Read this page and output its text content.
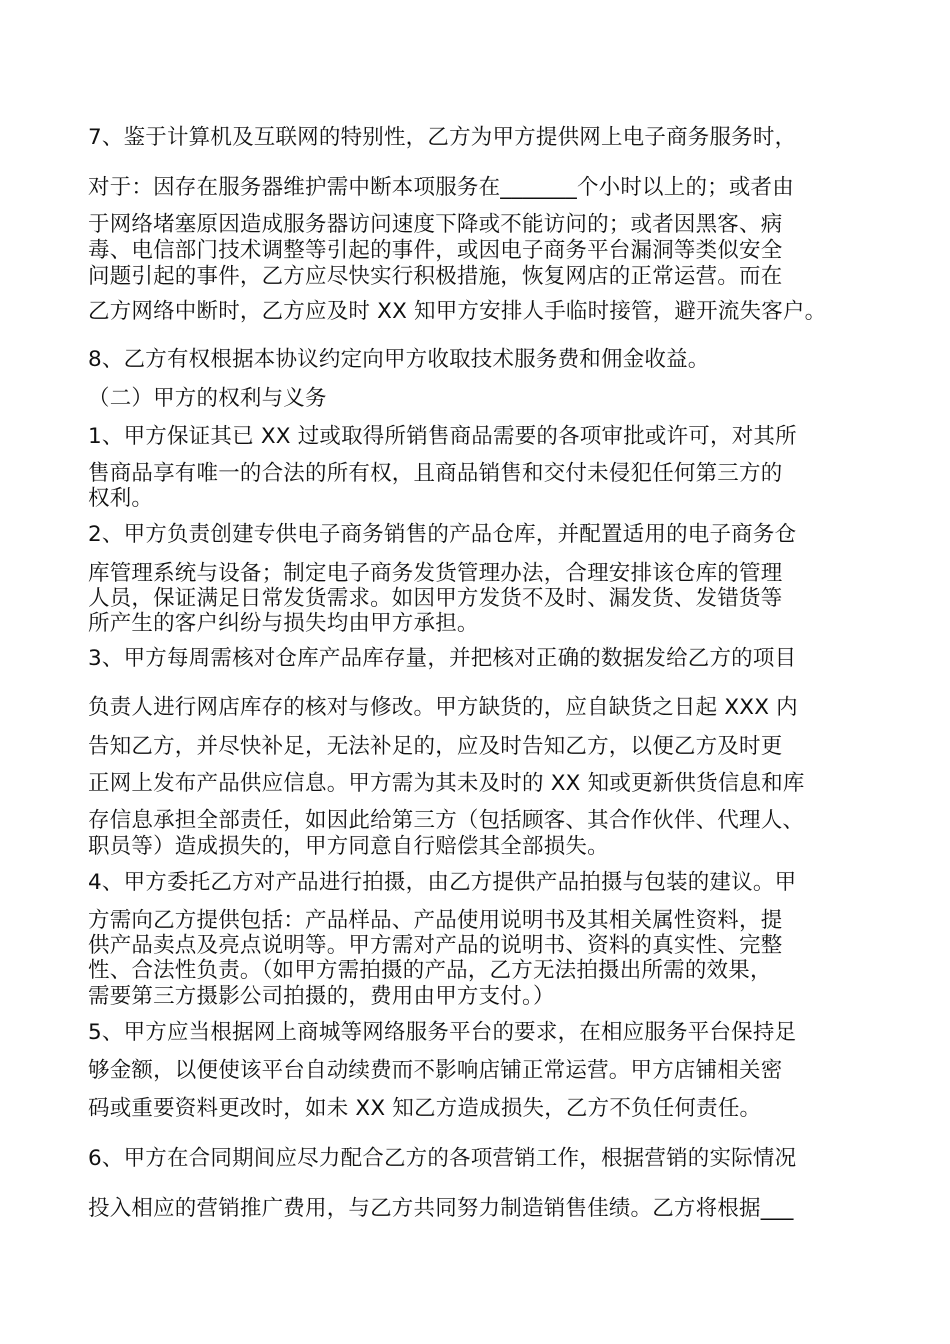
7、鉴于计算机及互联网的特别性，乙方为甲方提供网上电子商务服务时，
对于：因存在服务器维护需中断本项服务在_______个小时以上的；或者由
于网络堵塞原因造成服务器访问速度下降或不能访问的；或者因黑客、病
毒、电信部门技术调整等引起的事件，或因电子商务平台漏洞等类似安全
问题引起的事件，乙方应尽快实行积极措施，恢复网店的正常运营。而在
乙方网络中断时，乙方应及时 XX 知甲方安排人手临时接管，避开流失客户。
8、乙方有权根据本协议约定向甲方收取技术服务费和佣金收益。
（二）甲方的权利与义务
1、甲方保证其已 XX 过或取得所销售商品需要的各项审批或许可，对其所
售商品享有唯一的合法的所有权，且商品销售和交付未侵犯任何第三方的
权利。
2、甲方负责创建专供电子商务销售的产品仓库，并配置适用的电子商务仓
库管理系统与设备；制定电子商务发货管理办法，合理安排该仓库的管理
人员，保证满足日常发货需求。如因甲方发货不及时、漏发货、发错货等
所产生的客户纠纷与损失均由甲方承担。
3、甲方每周需核对仓库产品库存量，并把核对正确的数据发给乙方的项目
负责人进行网店库存的核对与修改。甲方缺货的，应自缺货之日起 XXX 内
告知乙方，并尽快补足，无法补足的，应及时告知乙方，以便乙方及时更
正网上发布产品供应信息。甲方需为其未及时的 XX 知或更新供货信息和库
存信息承担全部责任，如因此给第三方（包括顾客、其合作伙伴、代理人、
职员等）造成损失的，甲方同意自行赔偿其全部损失。
4、甲方委托乙方对产品进行拍摄，由乙方提供产品拍摄与包装的建议。甲
方需向乙方提供包括：产品样品、产品使用说明书及其相关属性资料，提
供产品卖点及亮点说明等。甲方需对产品的说明书、资料的真实性、完整
性、合法性负责。（如甲方需拍摄的产品，乙方无法拍摄出所需的效果，
需要第三方摄影公司拍摄的，费用由甲方支付。）
5、甲方应当根据网上商城等网络服务平台的要求，在相应服务平台保持足
够金额，以便使该平台自动续费而不影响店铺正常运营。甲方店铺相关密
码或重要资料更改时，如未 XX 知乙方造成损失，乙方不负任何责任。
6、甲方在合同期间应尽力配合乙方的各项营销工作，根据营销的实际情况
投入相应的营销推广费用，与乙方共同努力制造销售佳绩。乙方将根据___
